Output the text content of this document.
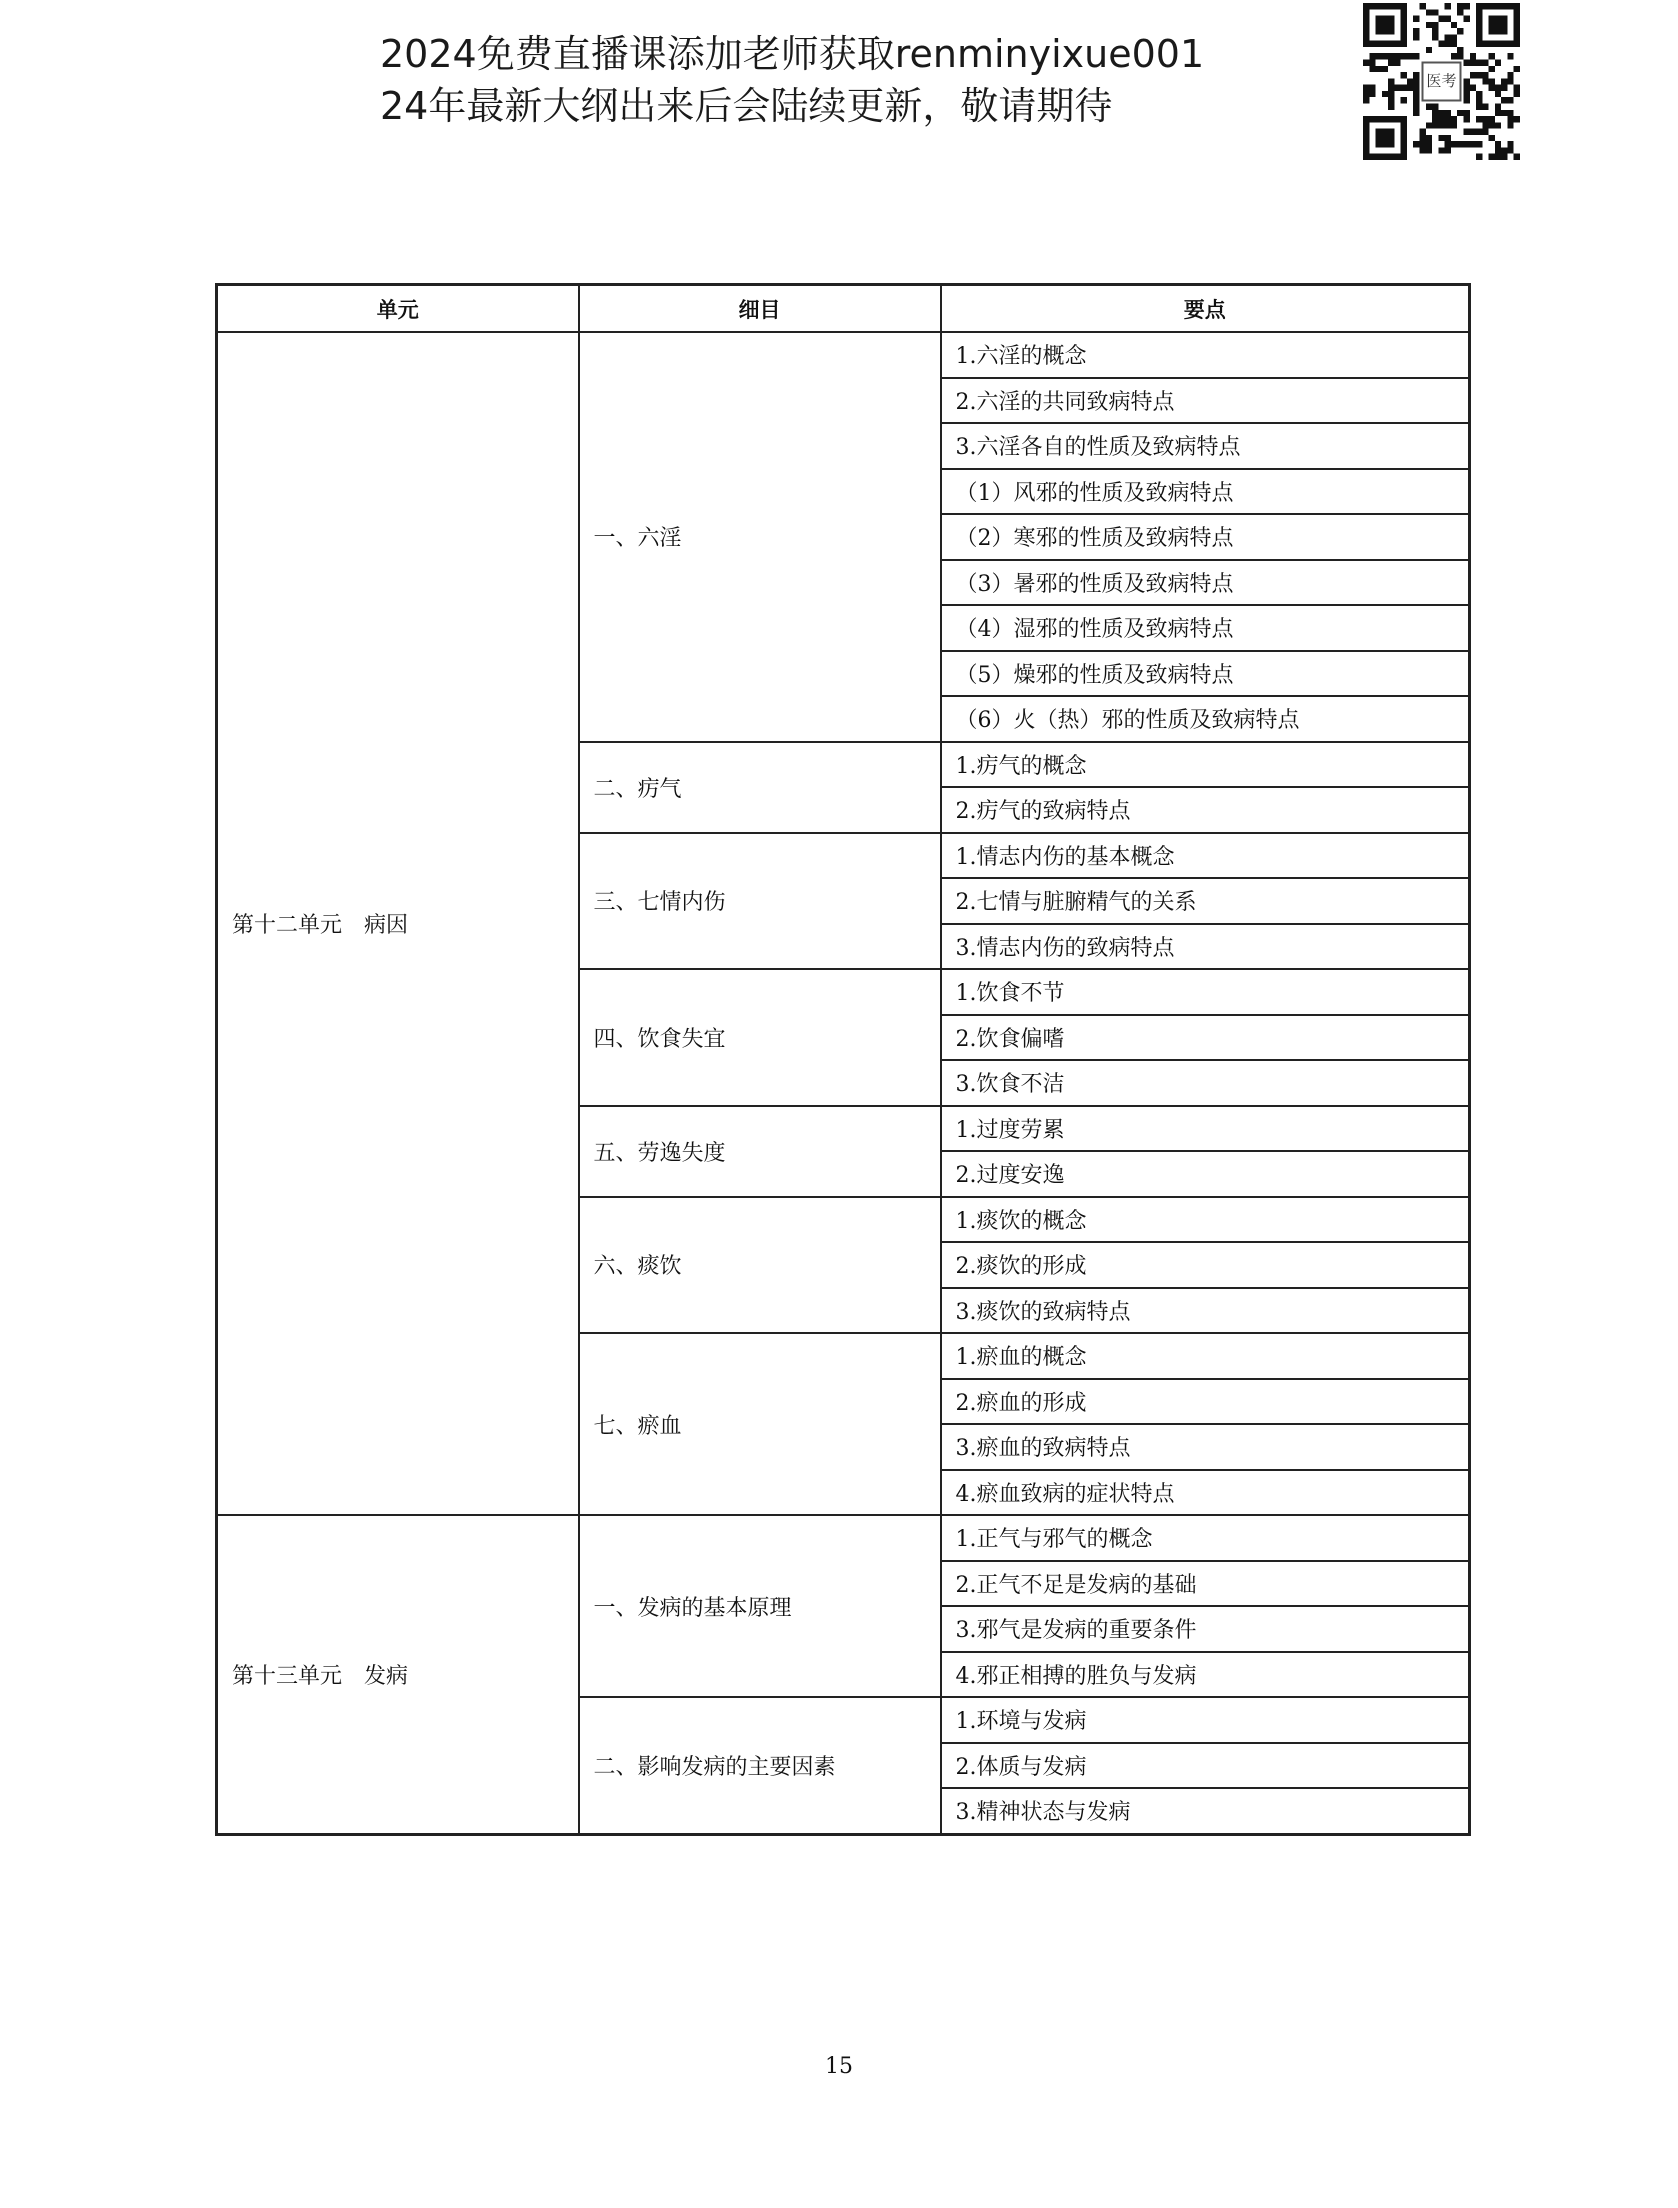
2024免费直播课添加老师获取renminyixue001
24年最新大纲出来后会陆续更新，敬请期待
医考
单元	细目	要点
第十二单元　病因	一、六淫	1.六淫的概念
		2.六淫的共同致病特点
		3.六淫各自的性质及致病特点
		（1）风邪的性质及致病特点
		（2）寒邪的性质及致病特点
		（3）暑邪的性质及致病特点
		（4）湿邪的性质及致病特点
		（5）燥邪的性质及致病特点
		（6）火（热）邪的性质及致病特点
	二、疠气	1.疠气的概念
		2.疠气的致病特点
	三、七情内伤	1.情志内伤的基本概念
		2.七情与脏腑精气的关系
		3.情志内伤的致病特点
	四、饮食失宜	1.饮食不节
		2.饮食偏嗜
		3.饮食不洁
	五、劳逸失度	1.过度劳累
		2.过度安逸
	六、痰饮	1.痰饮的概念
		2.痰饮的形成
		3.痰饮的致病特点
	七、瘀血	1.瘀血的概念
		2.瘀血的形成
		3.瘀血的致病特点
		4.瘀血致病的症状特点
第十三单元　发病	一、发病的基本原理	1.正气与邪气的概念
		2.正气不足是发病的基础
		3.邪气是发病的重要条件
		4.邪正相搏的胜负与发病
	二、影响发病的主要因素	1.环境与发病
		2.体质与发病
		3.精神状态与发病
15
